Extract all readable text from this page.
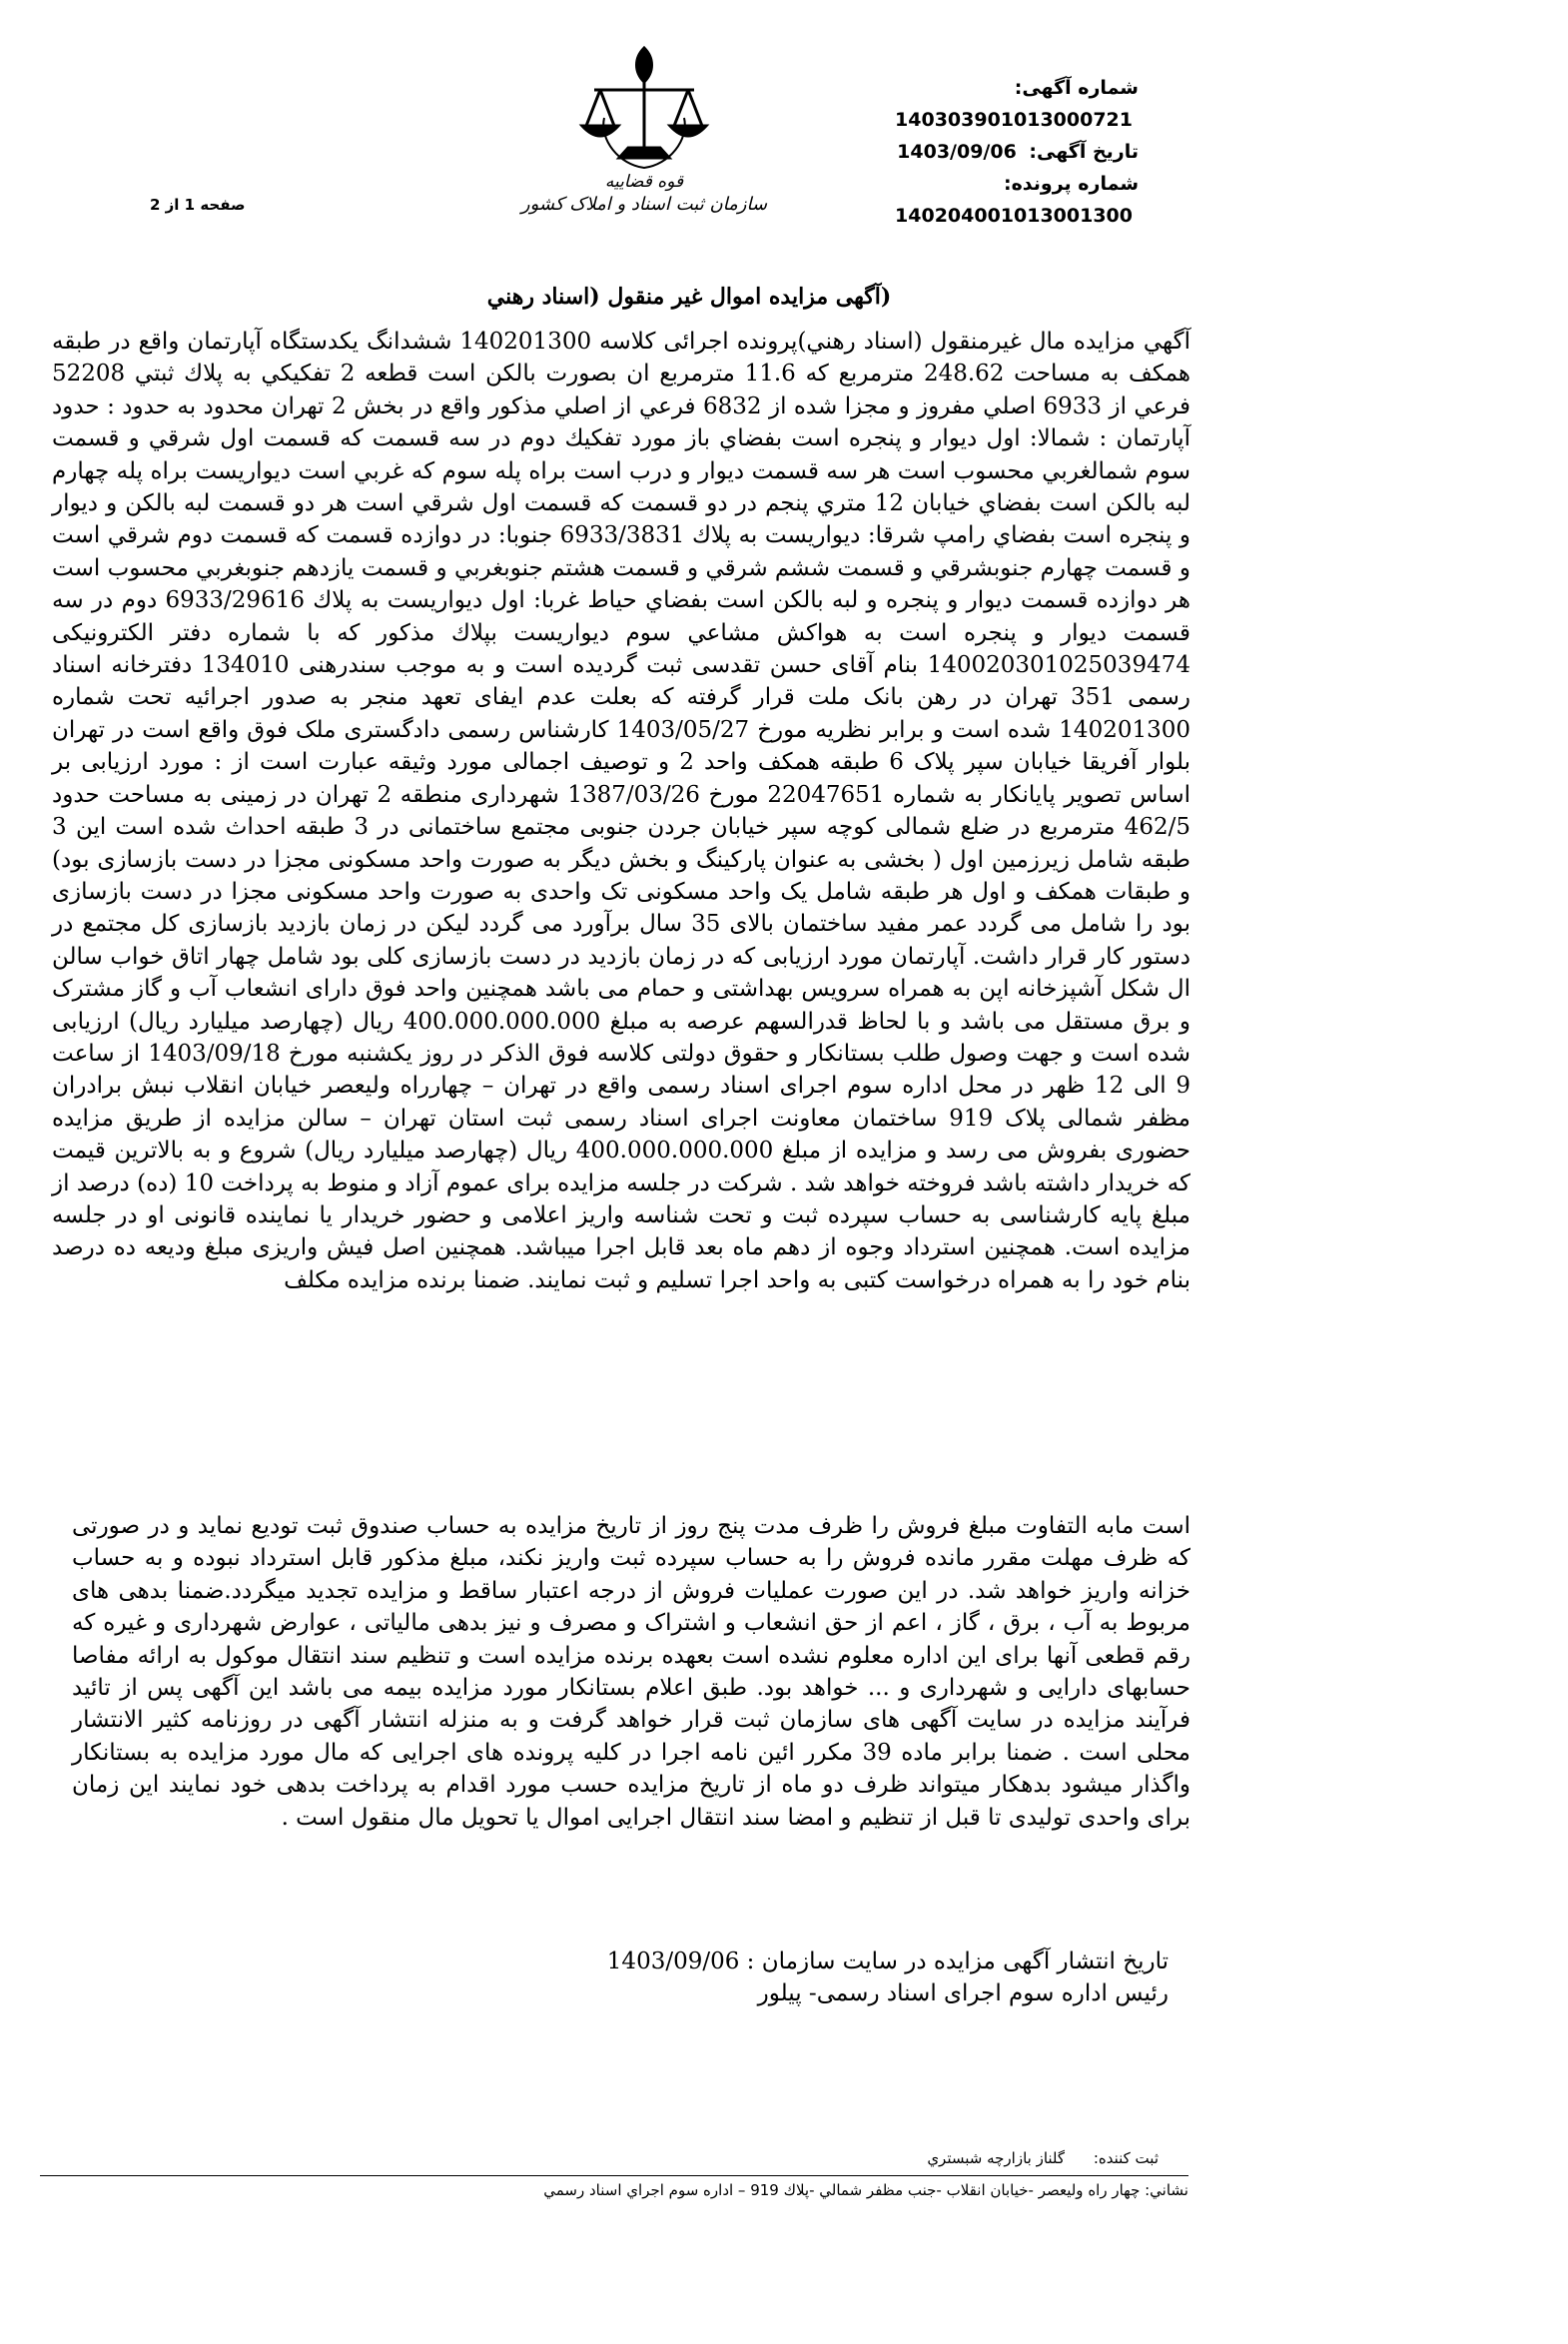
شماره آگهی: 140303901013000721
تاریخ آگهی: 1403/09/06
شماره پرونده: 140204001013001300
قوه قضاییه
سازمان ثبت اسناد و املاک کشور
صفحه 1 از 2
(آگهی مزایده اموال غیر منقول (اسناد رهني
آگهي مزايده مال غيرمنقول (اسناد رهني)پرونده اجرائی كلاسه 140201300 ششدانگ يكدستگاه آپارتمان واقع در طبقه همكف به مساحت 248.62 مترمربع كه 11.6 مترمربع ان بصورت بالكن است قطعه 2 تفكيكي به پلاك ثبتي 52208 فرعي از 6933 اصلي مفروز و مجزا شده از 6832 فرعي از اصلي مذكور واقع در بخش 2 تهران محدود به حدود : حدود آپارتمان : شمالا: اول ديوار و پنجره است بفضاي باز مورد تفكيك دوم در سه قسمت كه قسمت اول شرقي و قسمت سوم شمالغربي محسوب است هر سه قسمت ديوار و درب است براه پله سوم كه غربي است ديواريست براه پله چهارم لبه بالكن است بفضاي خيابان 12 متري پنجم در دو قسمت كه قسمت اول شرقي است هر دو قسمت لبه بالكن و ديوار و پنجره است بفضاي رامپ شرقا: ديواريست به پلاك 6933/3831 جنوبا: در دوازده قسمت كه قسمت دوم شرقي است و قسمت چهارم جنوبشرقي و قسمت ششم شرقي و قسمت هشتم جنوبغربي و قسمت يازدهم جنوبغربي محسوب است هر دوازده قسمت ديوار و پنجره و لبه بالكن است بفضاي حياط غربا: اول ديواريست به پلاك 6933/29616 دوم در سه قسمت ديوار و پنجره است به هواكش مشاعي سوم ديواريست بپلاك مذكور كه با شماره دفتر الكترونيكی 140020301025039474 بنام آقای حسن تقدسی ثبت گردیده است و به موجب سندرهنی 134010 دفترخانه اسناد رسمی 351 تهران در رهن بانک ملت قرار گرفته که بعلت عدم ایفای تعهد منجر به صدور اجرائیه تحت شماره 140201300 شده است و برابر نظریه مورخ 1403/05/27 کارشناس رسمی دادگستری ملک فوق واقع است در تهران بلوار آفریقا خیابان سپر پلاک 6 طبقه همکف واحد 2 و توصیف اجمالی مورد وثیقه عبارت است از : مورد ارزیابی بر اساس تصویر پایانکار به شماره 22047651 مورخ 1387/03/26 شهرداری منطقه 2 تهران در زمینی به مساحت حدود 462/5 مترمربع در ضلع شمالی کوچه سپر خیابان جردن جنوبی مجتمع ساختمانی در 3 طبقه احداث شده است این 3 طبقه شامل زیرزمین اول ( بخشی به عنوان پارکینگ و بخش دیگر به صورت واحد مسکونی مجزا در دست بازسازی بود) و طبقات همکف و اول هر طبقه شامل یک واحد مسکونی تک واحدی به صورت واحد مسکونی مجزا در دست بازسازی بود را شامل می گردد عمر مفید ساختمان بالای 35 سال برآورد می گردد لیکن در زمان بازدید بازسازی کل مجتمع در دستور کار قرار داشت. آپارتمان مورد ارزیابی که در زمان بازدید در دست بازسازی کلی بود شامل چهار اتاق خواب سالن ال شکل آشپزخانه اپن به همراه سرویس بهداشتی و حمام می باشد همچنین واحد فوق دارای انشعاب آب و گاز مشترک و برق مستقل می باشد و با لحاظ قدرالسهم عرصه به مبلغ 400.000.000.000 ریال (چهارصد میلیارد ریال) ارزیابی شده است و جهت وصول طلب بستانکار و حقوق دولتی کلاسه فوق الذکر در روز یکشنبه مورخ 1403/09/18 از ساعت 9 الی 12 ظهر در محل اداره سوم اجرای اسناد رسمی واقع در تهران – چهارراه ولیعصر خیابان انقلاب نبش برادران مظفر شمالی پلاک 919 ساختمان معاونت اجرای اسناد رسمی ثبت استان تهران – سالن مزایده از طریق مزایده حضوری بفروش می رسد و مزایده از مبلغ 400.000.000.000 ریال (چهارصد میلیارد ریال) شروع و به بالاترین قیمت که خریدار داشته باشد فروخته خواهد شد . شرکت در جلسه مزایده برای عموم آزاد و منوط به پرداخت 10 (ده) درصد از مبلغ پایه کارشناسی به حساب سپرده ثبت و تحت شناسه واریز اعلامی و حضور خریدار یا نماینده قانونی او در جلسه مزایده است. همچنین استرداد وجوه از دهم ماه بعد قابل اجرا میباشد. همچنین اصل فیش واریزی مبلغ ودیعه ده درصد بنام خود را به همراه درخواست کتبی به واحد اجرا تسلیم و ثبت نمایند. ضمنا برنده مزایده مکلف
است مابه التفاوت مبلغ فروش را ظرف مدت پنج روز از تاریخ مزایده به حساب صندوق ثبت تودیع نماید و در صورتی که ظرف مهلت مقرر مانده فروش را به حساب سپرده ثبت واریز نکند، مبلغ مذکور قابل استرداد نبوده و به حساب خزانه واریز خواهد شد. در این صورت عملیات فروش از درجه اعتبار ساقط و مزایده تجدید میگردد.ضمنا بدهی های مربوط به آب ، برق ، گاز ، اعم از حق انشعاب و اشتراک و مصرف و نیز بدهی مالیاتی ، عوارض شهرداری و غیره که رقم قطعی آنها برای این اداره معلوم نشده است بعهده برنده مزایده است و تنظیم سند انتقال موکول به ارائه مفاصا حسابهای دارایی و شهرداری و ... خواهد بود. طبق اعلام بستانکار مورد مزایده بیمه می باشد این آگهی پس از تائید فرآیند مزایده در سایت آگهی های سازمان ثبت قرار خواهد گرفت و به منزله انتشار آگهی در روزنامه کثیر الانتشار محلی است . ضمنا برابر ماده 39 مکرر ائین نامه اجرا در کلیه پرونده های اجرایی که مال مورد مزایده به بستانکار واگذار میشود بدهکار میتواند ظرف دو ماه از تاریخ مزایده حسب مورد اقدام به پرداخت بدهی خود نمایند این زمان برای واحدی تولیدی تا قبل از تنظیم و امضا سند انتقال اجرایی اموال یا تحویل مال منقول است .
تاریخ انتشار آگهی مزایده در سایت سازمان : 1403/09/06
رئیس اداره سوم اجرای اسناد رسمی- پیلور
ثبت کننده: گلناز بازارچه شبستري
نشاني: چهار راه وليعصر -خيابان انقلاب -جنب مظفر شمالي -پلاك 919 – اداره سوم اجراي اسناد رسمي
